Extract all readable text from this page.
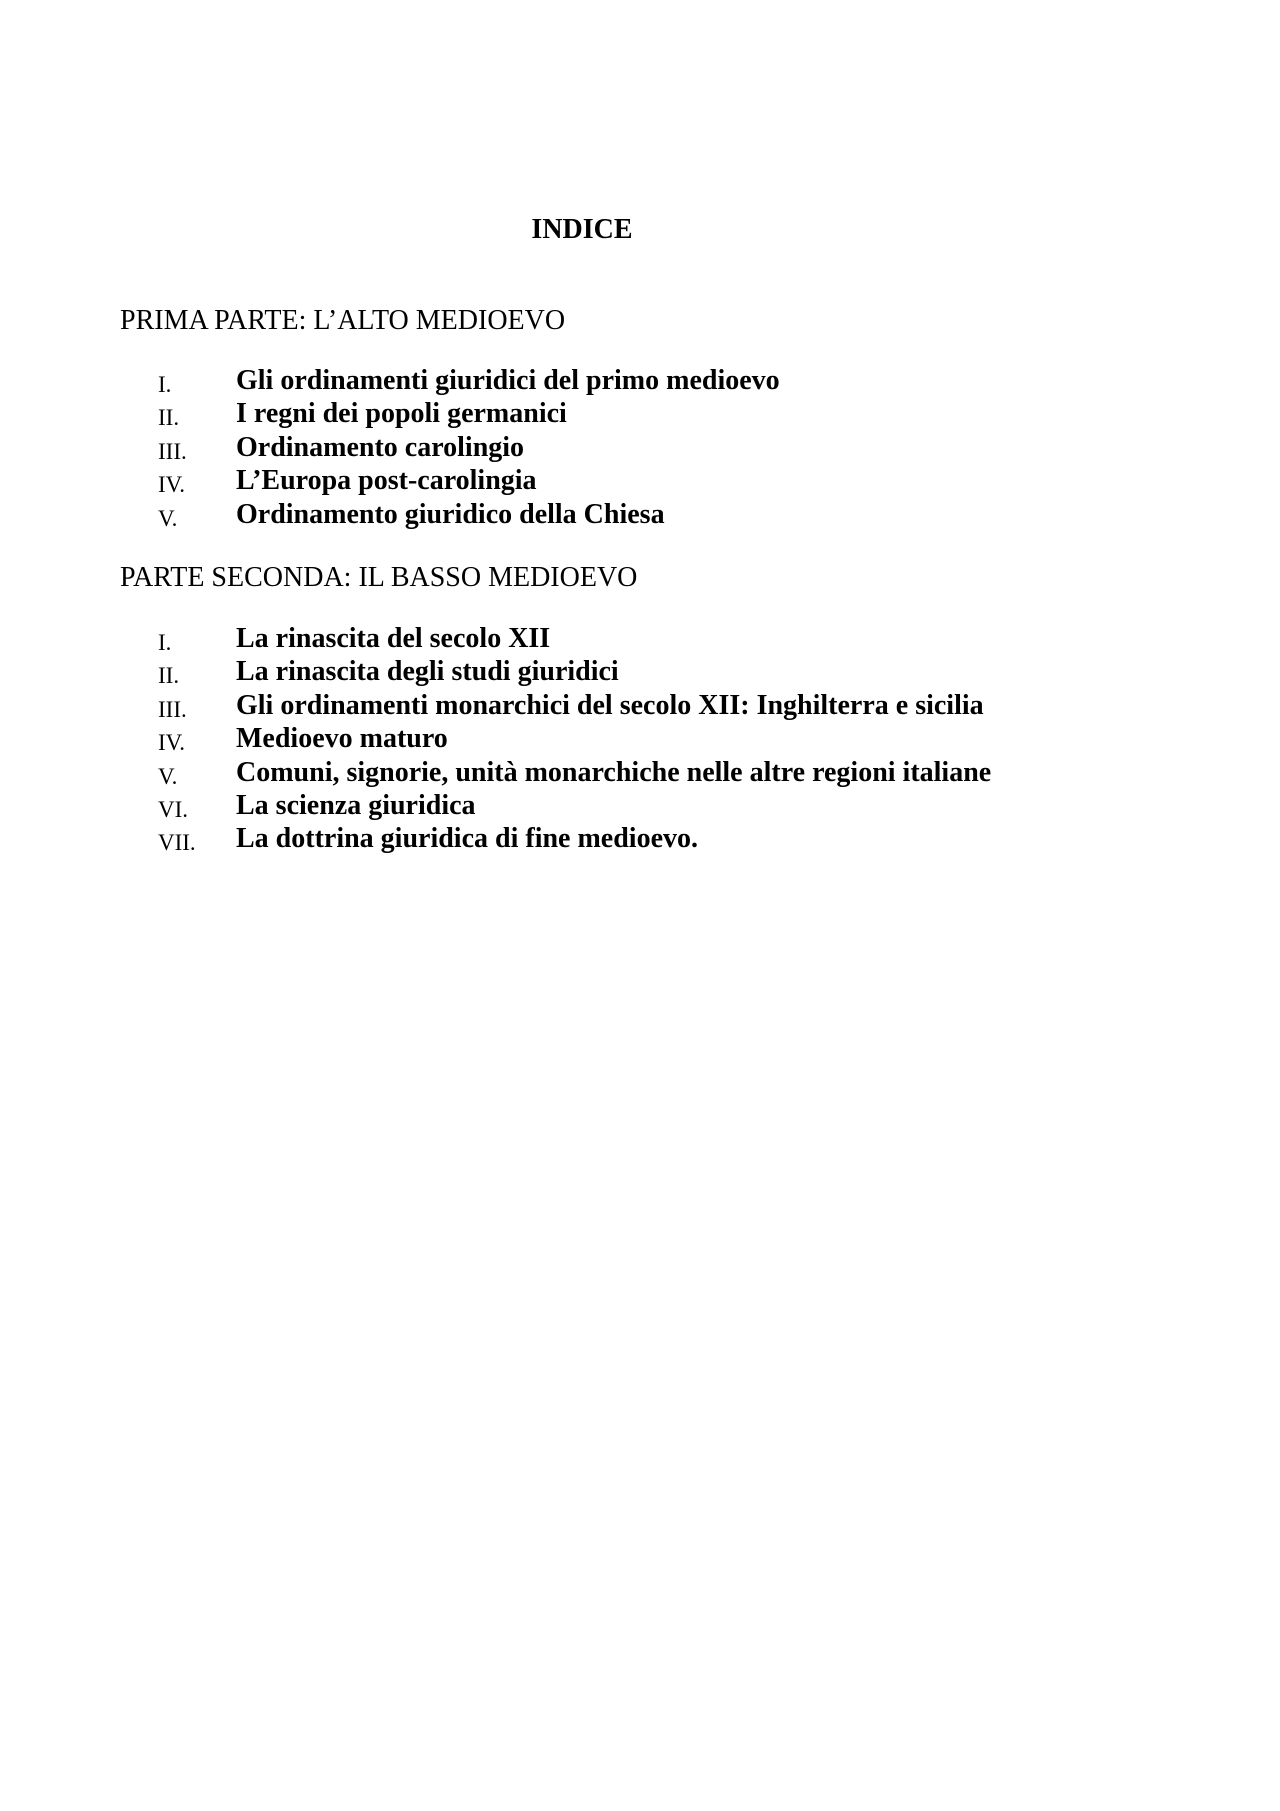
INDICE
PRIMA PARTE: L’ALTO MEDIOEVO
I. Gli ordinamenti giuridici del primo medioevo
II. I regni dei popoli germanici
III. Ordinamento carolingio
IV. L’Europa post-carolingia
V. Ordinamento giuridico della Chiesa
PARTE SECONDA: IL BASSO MEDIOEVO
I. La rinascita del secolo XII
II. La rinascita degli studi giuridici
III. Gli ordinamenti monarchici del secolo XII: Inghilterra e sicilia
IV. Medioevo maturo
V. Comuni, signorie, unità monarchiche nelle altre regioni italiane
VI. La scienza giuridica
VII. La dottrina giuridica di fine medioevo.
